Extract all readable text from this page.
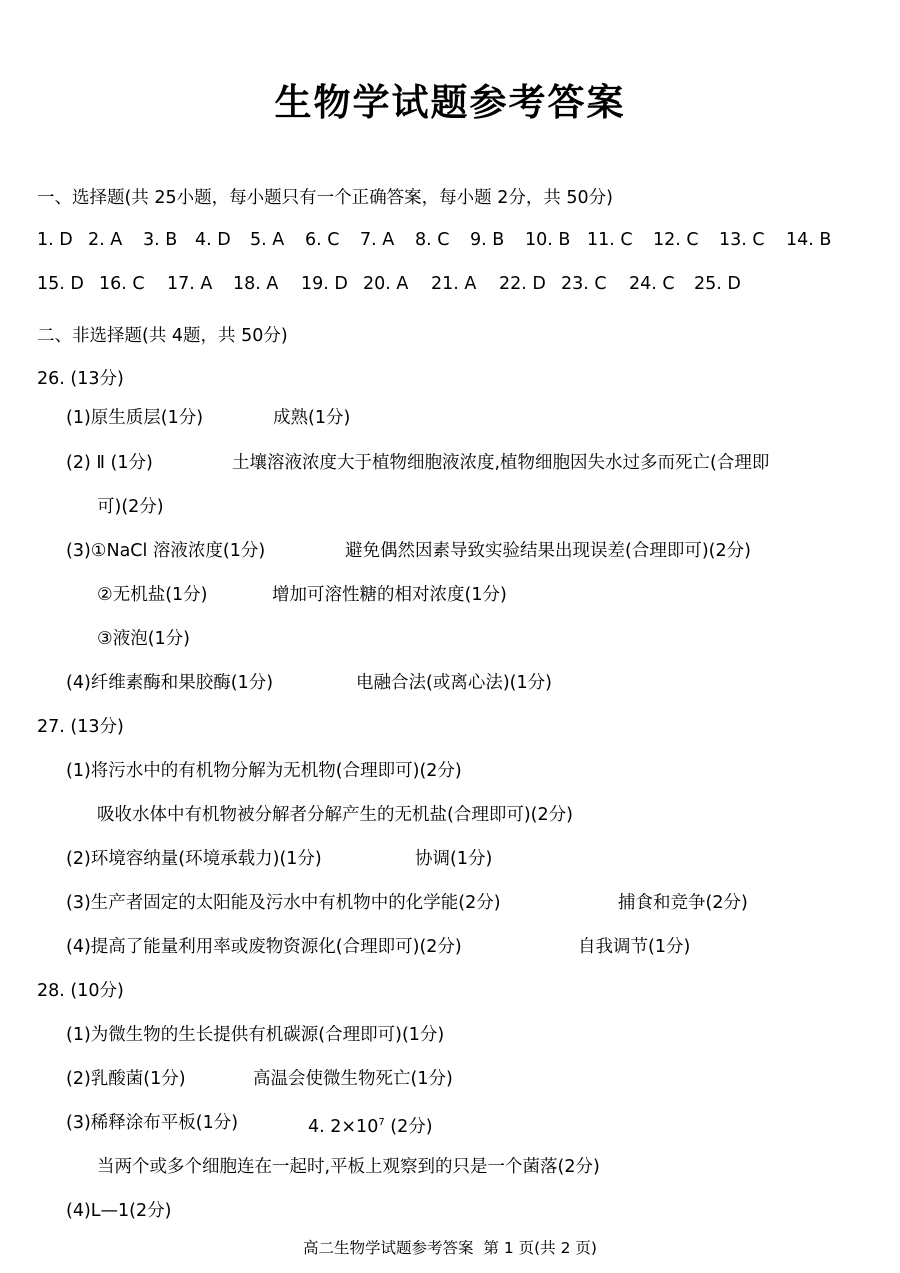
生物学试题参考答案
一、选择题(共 25小题，每小题只有一个正确答案，每小题 2分，共 50分)
1. D 2. A 3. B 4. D 5. A 6. C 7. A 8. C 9. B 10. B 11. C 12. C 13. C 14. B
15. D 16. C 17. A 18. A 19. D 20. A 21. A 22. D 23. C 24. C 25. D
二、非选择题(共 4题，共 50分)
26. (13分)
(1)原生质层(1分)	成熟(1分)
(2) Ⅱ (1分)	土壤溶液浓度大于植物细胞液浓度,植物细胞因失水过多而死亡(合理即
可)(2分)
(3)①NaCl 溶液浓度(1分)	避免偶然因素导致实验结果出现误差(合理即可)(2分)
②无机盐(1分)	增加可溶性糖的相对浓度(1分)
③液泡(1分)
(4)纤维素酶和果胶酶(1分)	电融合法(或离心法)(1分)
27. (13分)
(1)将污水中的有机物分解为无机物(合理即可)(2分)
吸收水体中有机物被分解者分解产生的无机盐(合理即可)(2分)
(2)环境容纳量(环境承载力)(1分)	协调(1分)
(3)生产者固定的太阳能及污水中有机物中的化学能(2分)	捕食和竞争(2分)
(4)提高了能量利用率或废物资源化(合理即可)(2分)	自我调节(1分)
28. (10分)
(1)为微生物的生长提供有机碳源(合理即可)(1分)
(2)乳酸菌(1分)	高温会使微生物死亡(1分)
(3)稀释涂布平板(1分)	4. $2\times 10^7$ (2分)
当两个或多个细胞连在一起时,平板上观察到的只是一个菌落(2分)
(4)L—1(2分)
高二生物学试题参考答案  第 1 页(共 2 页)
